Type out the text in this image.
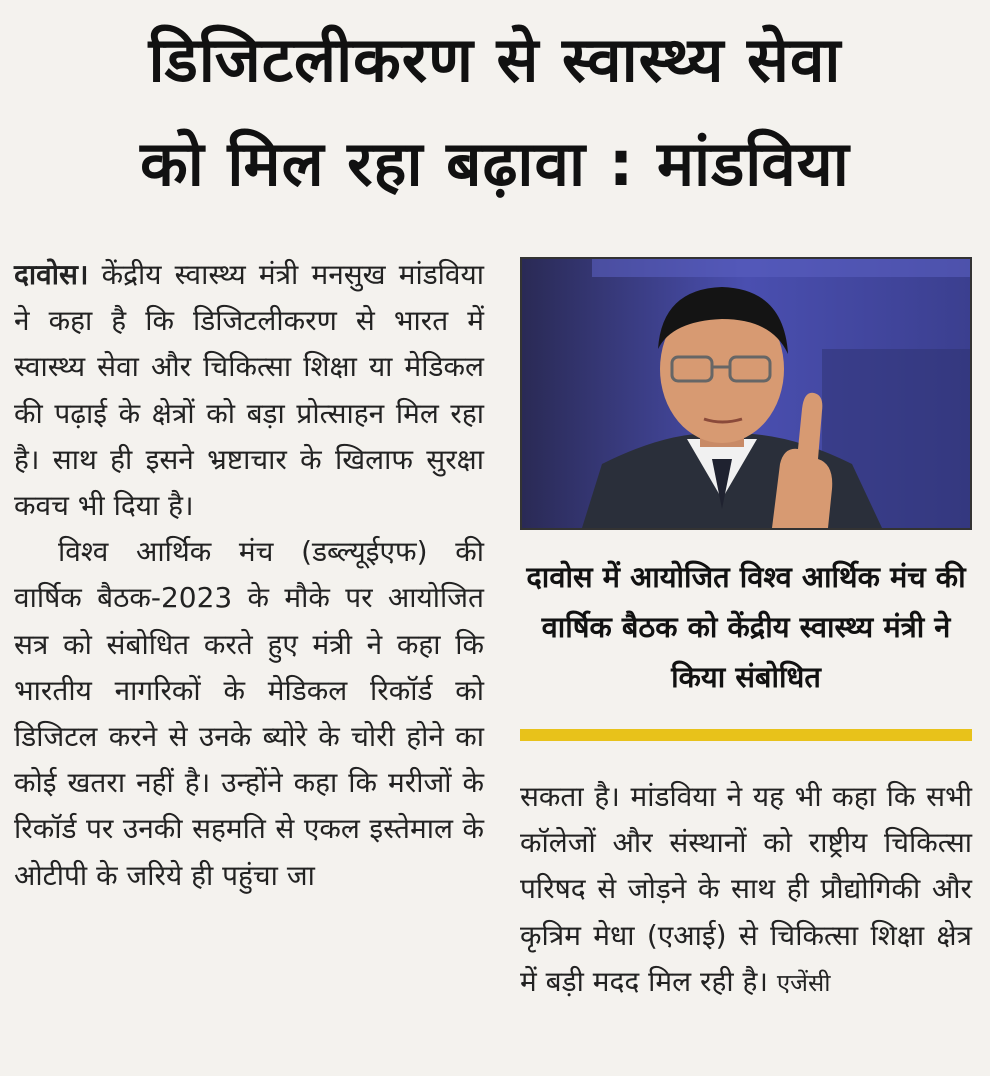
डिजिटलीकरण से स्वास्थ्य सेवा
को मिल रहा बढ़ावा : मांडविया

दावोस। केंद्रीय स्वास्थ्य मंत्री मनसुख मांडविया ने कहा है कि डिजिटलीकरण से भारत में स्वास्थ्य सेवा और चिकित्सा शिक्षा या मेडिकल की पढ़ाई के क्षेत्रों को बड़ा प्रोत्साहन मिल रहा है। साथ ही इसने भ्रष्टाचार के खिलाफ सुरक्षा कवच भी दिया है।

विश्व आर्थिक मंच (डब्ल्यूईएफ) की वार्षिक बैठक-2023 के मौके पर आयोजित सत्र को संबोधित करते हुए मंत्री ने कहा कि भारतीय नागरिकों के मेडिकल रिकॉर्ड को डिजिटल करने से उनके ब्योरे के चोरी होने का कोई खतरा नहीं है। उन्होंने कहा कि मरीजों के रिकॉर्ड पर उनकी सहमति से एकल इस्तेमाल के ओटीपी के जरिये ही पहुंचा जा

दावोस में आयोजित विश्व आर्थिक मंच की वार्षिक बैठक को केंद्रीय स्वास्थ्य मंत्री ने किया संबोधित

सकता है। मांडविया ने यह भी कहा कि सभी कॉलेजों और संस्थानों को राष्ट्रीय चिकित्सा परिषद से जोड़ने के साथ ही प्रौद्योगिकी और कृत्रिम मेधा (एआई) से चिकित्सा शिक्षा क्षेत्र में बड़ी मदद मिल रही है। एजेंसी
